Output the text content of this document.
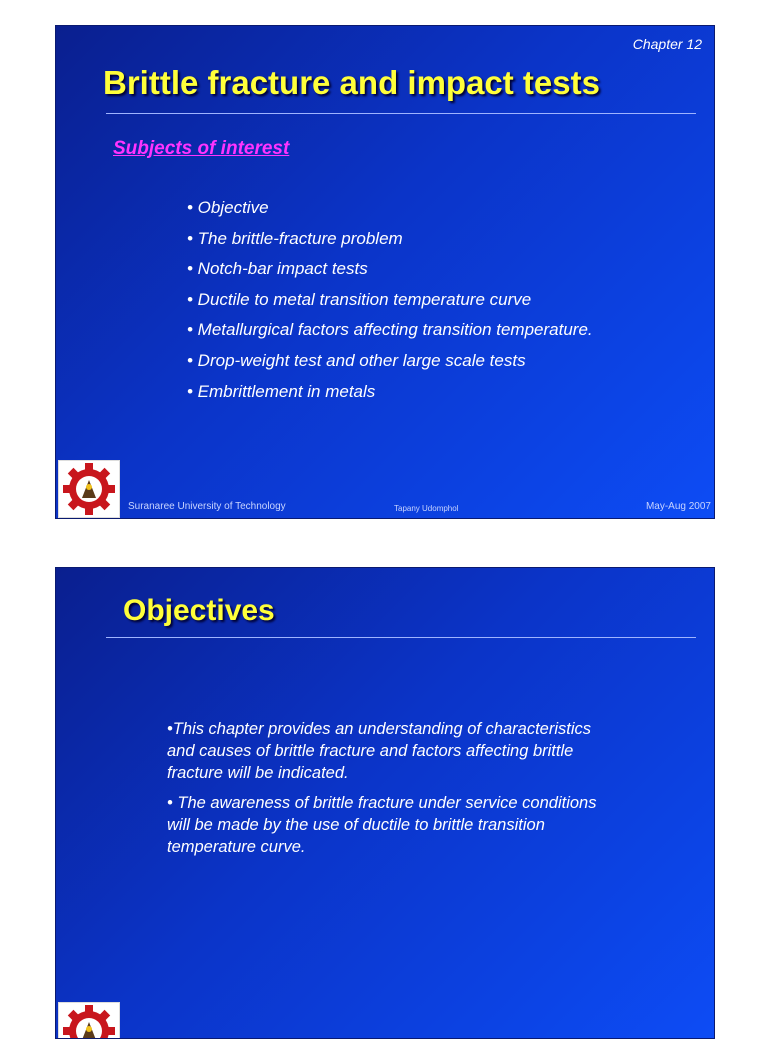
Chapter 12
Brittle fracture and impact tests
Subjects of interest
• Objective
• The brittle-fracture problem
• Notch-bar impact tests
• Ductile to metal transition temperature curve
• Metallurgical factors affecting transition temperature.
• Drop-weight test and other large scale tests
• Embrittlement in metals
Suranaree University of Technology	Tapany Udomphol	May-Aug 2007
Objectives

•This chapter provides an understanding of characteristics and causes of brittle fracture and factors affecting brittle fracture will be indicated.

• The awareness of brittle fracture under service conditions will be made by the use of ductile to brittle transition temperature curve.
